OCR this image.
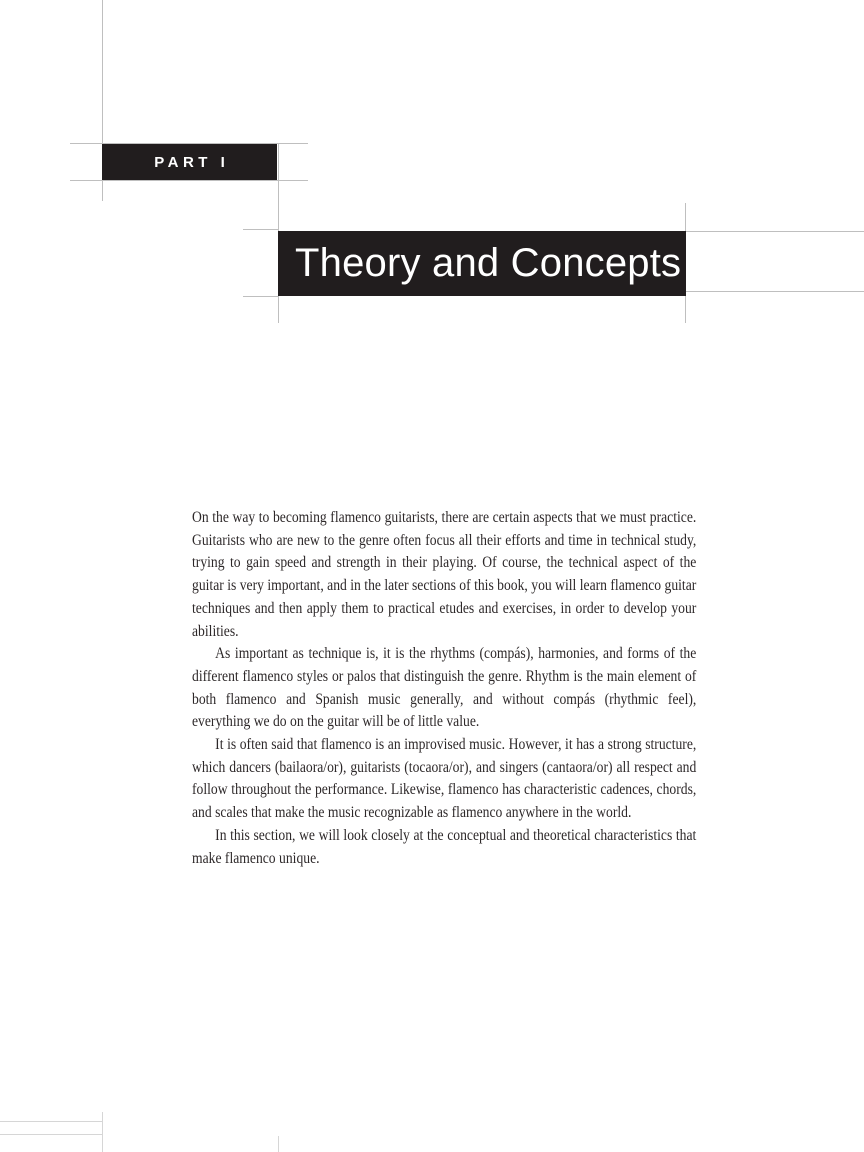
PART I
Theory and Concepts

On the way to becoming flamenco guitarists, there are certain aspects that we must practice. Guitarists who are new to the genre often focus all their efforts and time in technical study, trying to gain speed and strength in their playing. Of course, the technical aspect of the guitar is very important, and in the later sections of this book, you will learn flamenco guitar techniques and then apply them to practical etudes and exercises, in order to develop your abilities.

As important as technique is, it is the rhythms (compás), harmonies, and forms of the different flamenco styles or palos that distinguish the genre. Rhythm is the main element of both flamenco and Spanish music generally, and without compás (rhythmic feel), everything we do on the guitar will be of little value.

It is often said that flamenco is an improvised music. However, it has a strong structure, which dancers (bailaora/or), guitarists (tocaora/or), and singers (cantaora/or) all respect and follow throughout the performance. Likewise, flamenco has characteristic cadences, chords, and scales that make the music recognizable as flamenco anywhere in the world.

In this section, we will look closely at the conceptual and theoretical characteristics that make flamenco unique.
